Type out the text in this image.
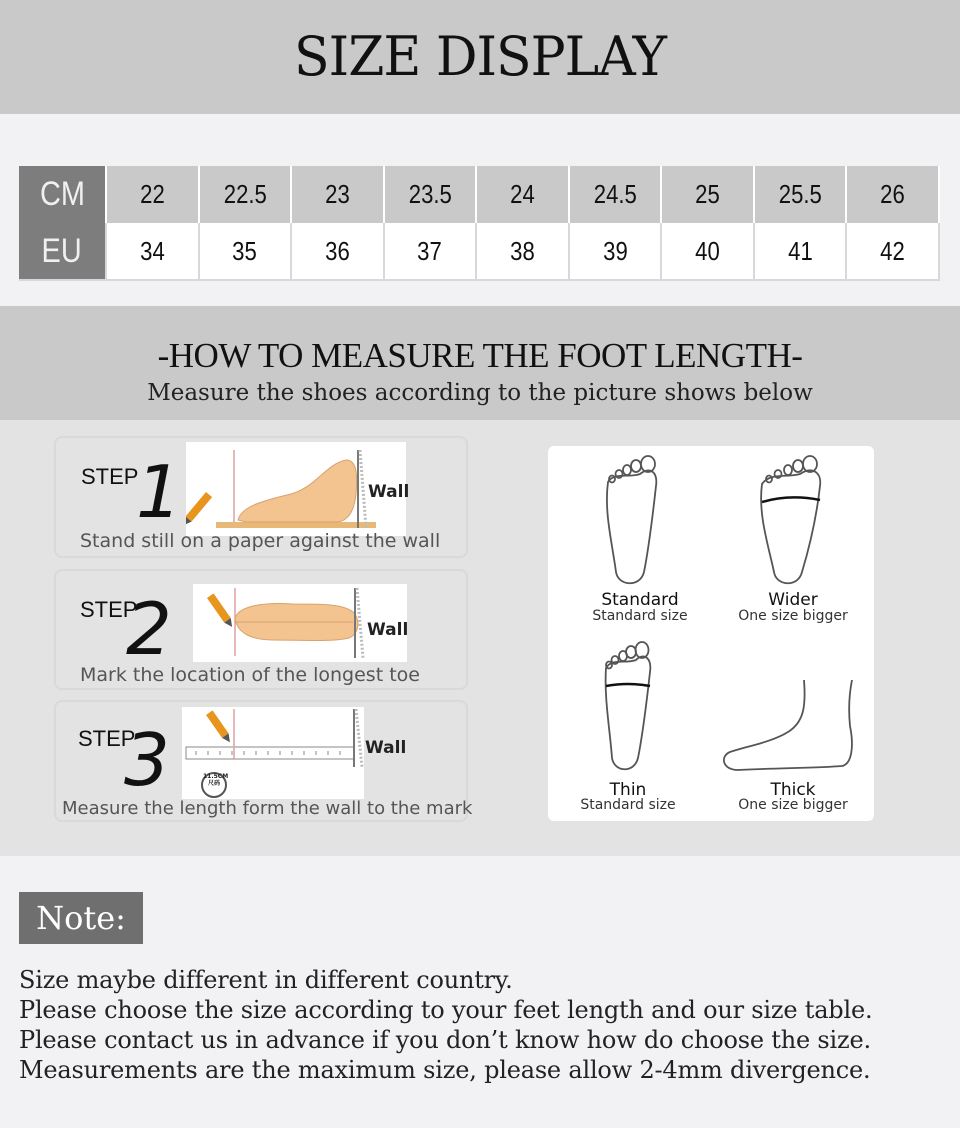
SIZE DISPLAY
CM	22	22.5	23	23.5	24	24.5	25	25.5	26
EU	34	35	36	37	38	39	40	41	42
-HOW TO MEASURE THE FOOT LENGTH-
Measure the shoes according to the picture shows below
STEP
1	Wall
Stand still on a paper against the wall
STEP
2	Wall
Mark the location of the longest toe
STEP
3	11.5CM
尺码
Wall
Measure the length form the wall to the mark
Standard
Standard size
Wider
One size bigger
Thin
Standard size
Thick
One size bigger
Note:
Size maybe different in different country.
Please choose the size according to your feet length and our size table.
Please contact us in advance if you don’t know how do choose the size.
Measurements are the maximum size, please allow 2-4mm divergence.
